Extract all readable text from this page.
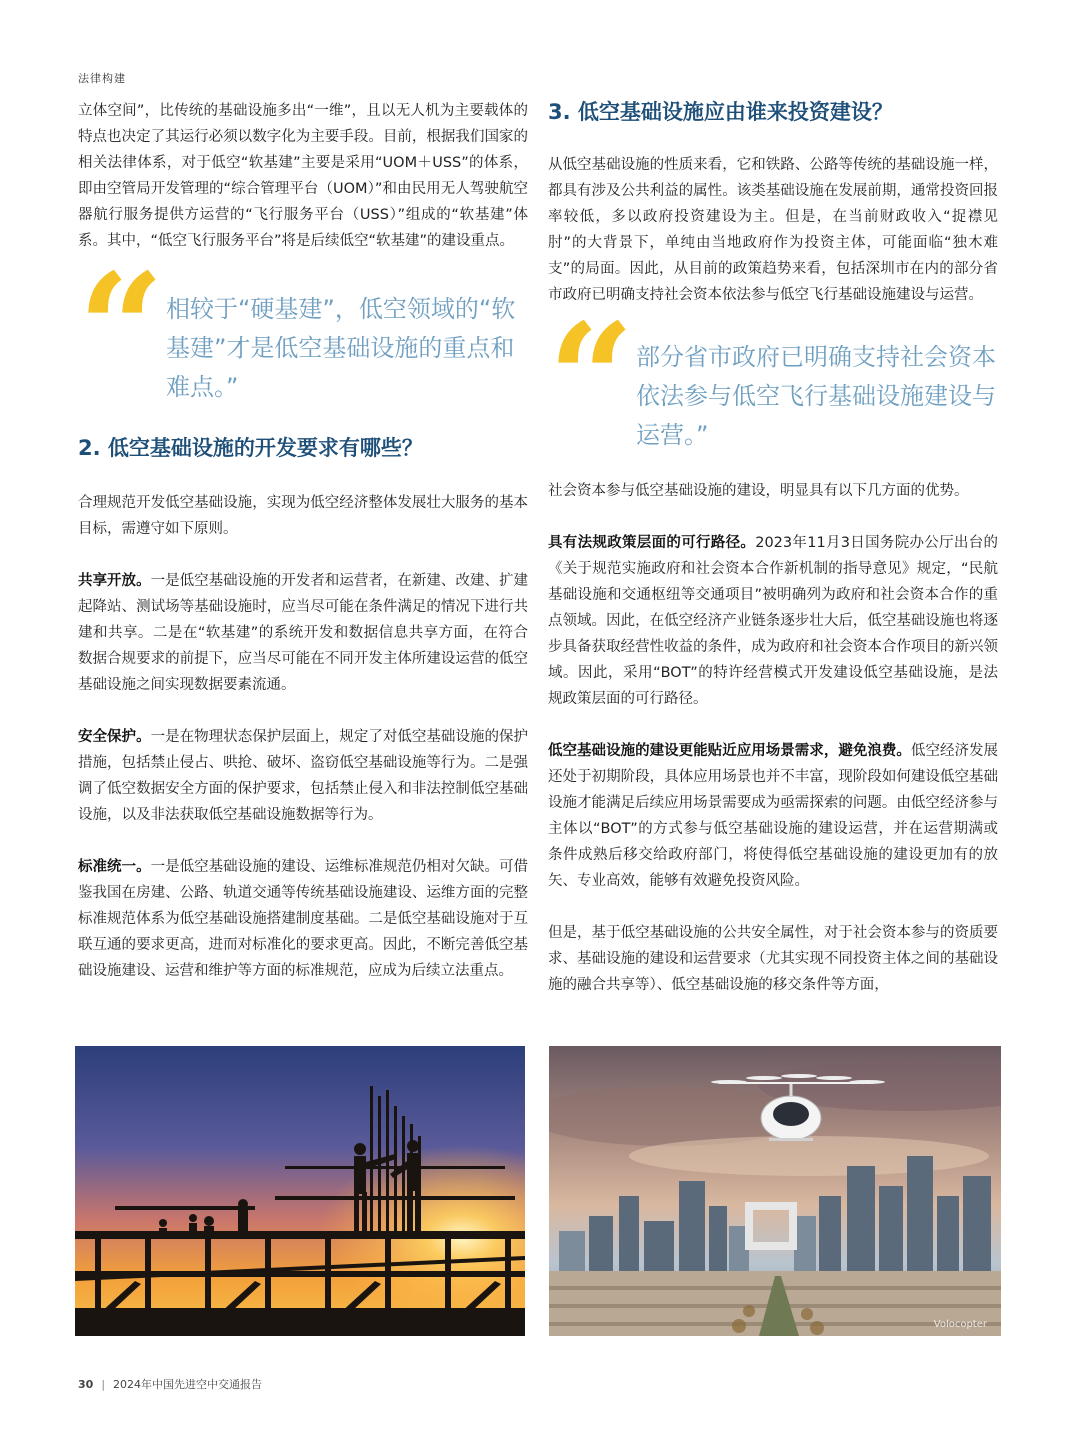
法律构建

立体空间”，比传统的基础设施多出“一维”，且以无人机为主要载体的特点也决定了其运行必须以数字化为主要手段。目前，根据我们国家的相关法律体系，对于低空“软基建”主要是采用“UOM＋USS”的体系，即由空管局开发管理的“综合管理平台（UOM）”和由民用无人驾驶航空器航行服务提供方运营的“飞行服务平台（USS）”组成的“软基建”体系。其中，“低空飞行服务平台”将是后续低空“软基建”的建设重点。

“ 相较于“硬基建”，低空领域的“软基建”才是低空基础设施的重点和难点。”
2. 低空基础设施的开发要求有哪些？

合理规范开发低空基础设施，实现为低空经济整体发展壮大服务的基本目标，需遵守如下原则。

共享开放。一是低空基础设施的开发者和运营者，在新建、改建、扩建起降站、测试场等基础设施时，应当尽可能在条件满足的情况下进行共建和共享。二是在“软基建”的系统开发和数据信息共享方面，在符合数据合规要求的前提下，应当尽可能在不同开发主体所建设运营的低空基础设施之间实现数据要素流通。

安全保护。一是在物理状态保护层面上，规定了对低空基础设施的保护措施，包括禁止侵占、哄抢、破坏、盗窃低空基础设施等行为。二是强调了低空数据安全方面的保护要求，包括禁止侵入和非法控制低空基础设施，以及非法获取低空基础设施数据等行为。

标准统一。一是低空基础设施的建设、运维标准规范仍相对欠缺。可借鉴我国在房建、公路、轨道交通等传统基础设施建设、运维方面的完整标准规范体系为低空基础设施搭建制度基础。二是低空基础设施对于互联互通的要求更高，进而对标准化的要求更高。因此，不断完善低空基础设施建设、运营和维护等方面的标准规范，应成为后续立法重点。

3. 低空基础设施应由谁来投资建设？

从低空基础设施的性质来看，它和铁路、公路等传统的基础设施一样，都具有涉及公共利益的属性。该类基础设施在发展前期，通常投资回报率较低，多以政府投资建设为主。但是，在当前财政收入“捉襟见肘”的大背景下，单纯由当地政府作为投资主体，可能面临“独木难支”的局面。因此，从目前的政策趋势来看，包括深圳市在内的部分省市政府已明确支持社会资本依法参与低空飞行基础设施建设与运营。

“ 部分省市政府已明确支持社会资本依法参与低空飞行基础设施建设与运营。”

社会资本参与低空基础设施的建设，明显具有以下几方面的优势。

具有法规政策层面的可行路径。2023年11月3日国务院办公厅出台的《关于规范实施政府和社会资本合作新机制的指导意见》规定，“民航基础设施和交通枢纽等交通项目”被明确列为政府和社会资本合作的重点领域。因此，在低空经济产业链条逐步壮大后，低空基础设施也将逐步具备获取经营性收益的条件，成为政府和社会资本合作项目的新兴领域。因此，采用“BOT”的特许经营模式开发建设低空基础设施，是法规政策层面的可行路径。

低空基础设施的建设更能贴近应用场景需求，避免浪费。低空经济发展还处于初期阶段，具体应用场景也并不丰富，现阶段如何建设低空基础设施才能满足后续应用场景需要成为亟需探索的问题。由低空经济参与主体以“BOT”的方式参与低空基础设施的建设运营，并在运营期满或条件成熟后移交给政府部门，将使得低空基础设施的建设更加有的放矢、专业高效，能够有效避免投资风险。

但是，基于低空基础设施的公共安全属性，对于社会资本参与的资质要求、基础设施的建设和运营要求（尤其实现不同投资主体之间的基础设施的融合共享等）、低空基础设施的移交条件等方面，

Volocopter
30 | 2024年中国先进空中交通报告
